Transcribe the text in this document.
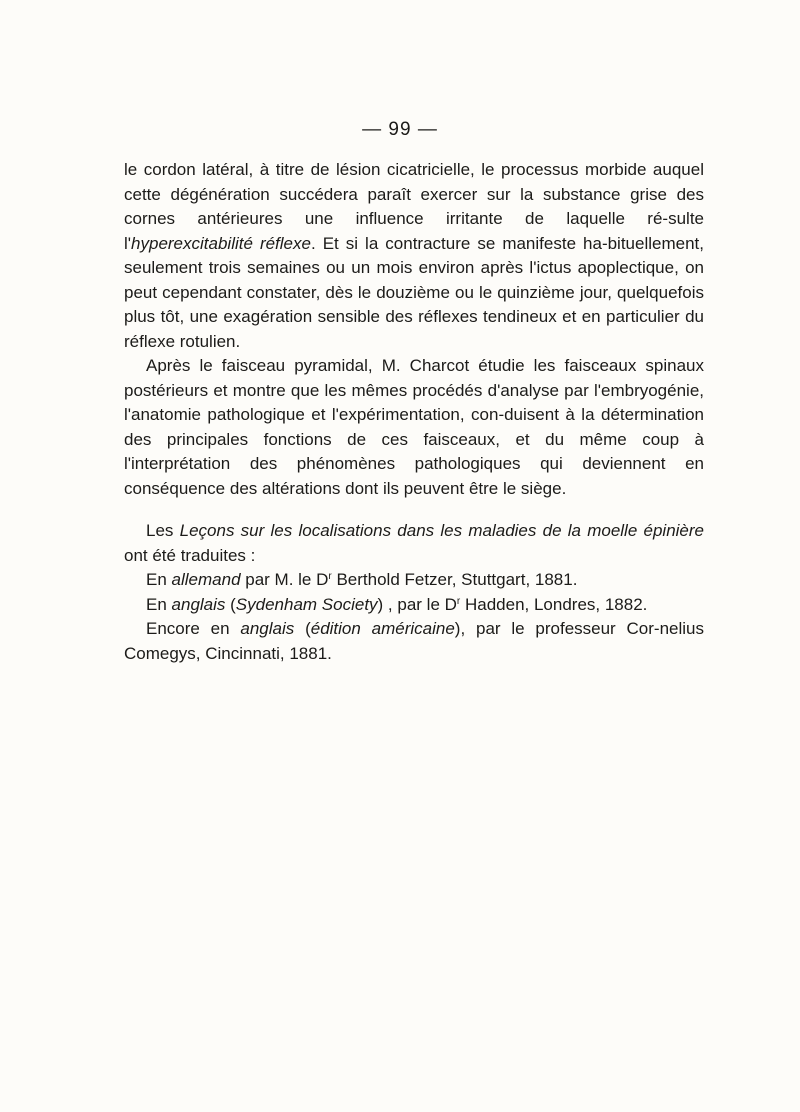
— 99 —

le cordon latéral, à titre de lésion cicatricielle, le processus morbide auquel cette dégénération succédera paraît exercer sur la substance grise des cornes antérieures une influence irritante de laquelle ré-sulte l'hyperexcitabilité réflexe. Et si la contracture se manifeste ha-bituellement, seulement trois semaines ou un mois environ après l'ictus apoplectique, on peut cependant constater, dès le douzième ou le quinzième jour, quelquefois plus tôt, une exagération sensible des réflexes tendineux et en particulier du réflexe rotulien.

Après le faisceau pyramidal, M. Charcot étudie les faisceaux spinaux postérieurs et montre que les mêmes procédés d'analyse par l'embryogénie, l'anatomie pathologique et l'expérimentation, con-duisent à la détermination des principales fonctions de ces faisceaux, et du même coup à l'interprétation des phénomènes pathologiques qui deviennent en conséquence des altérations dont ils peuvent être le siège.

Les Leçons sur les localisations dans les maladies de la moelle épinière ont été traduites :

En allemand par M. le $D^r$ Berthold Fetzer, Stuttgart, 1881.

En anglais (Sydenham Society) , par le $D^r$ Hadden, Londres, 1882.

Encore en anglais (édition américaine), par le professeur Cor-nelius Comegys, Cincinnati, 1881.
